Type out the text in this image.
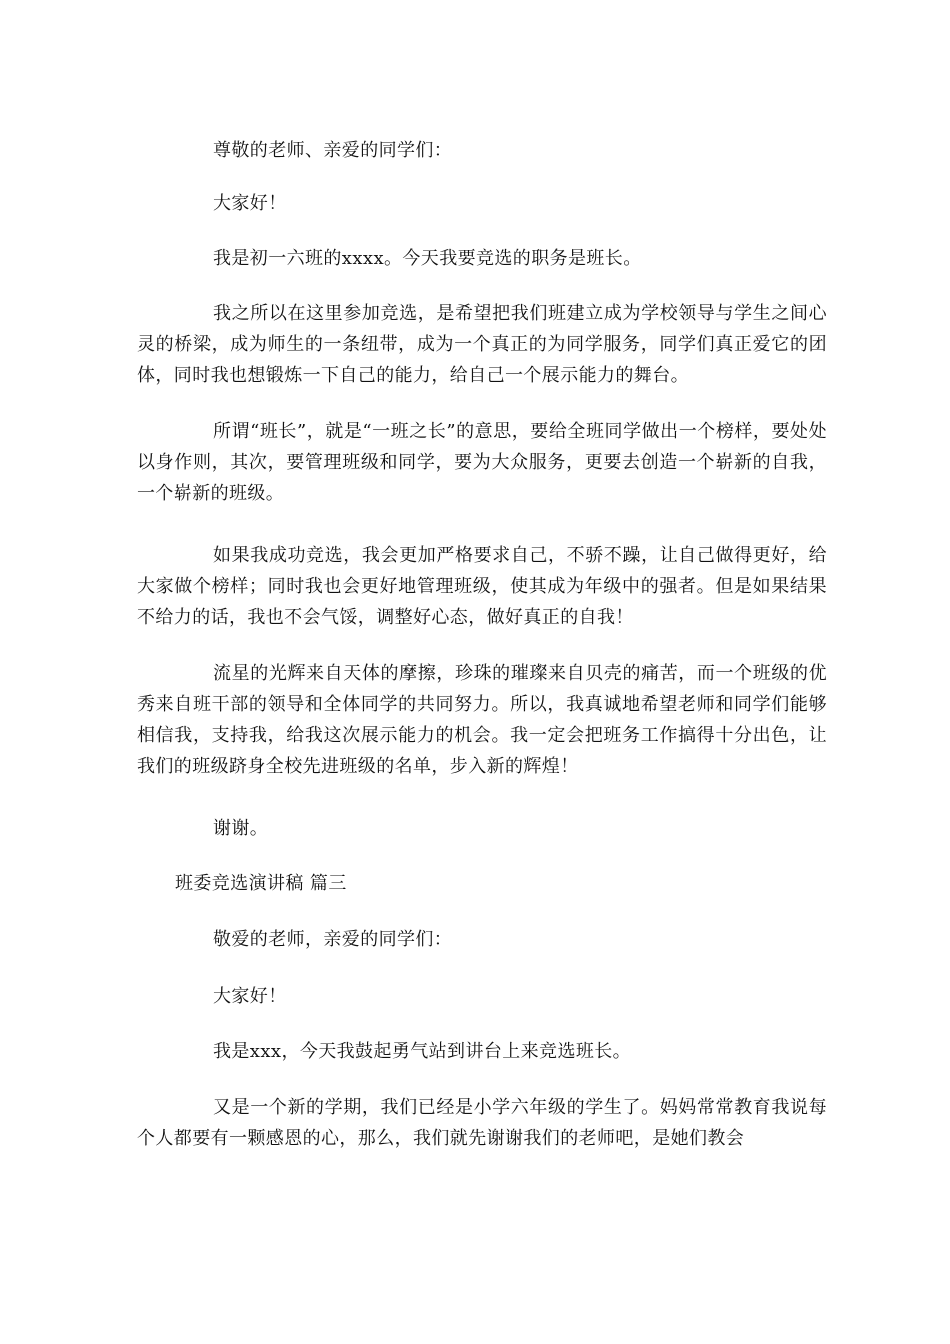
尊敬的老师、亲爱的同学们：

大家好！

我是初一六班的xxxx。今天我要竞选的职务是班长。

我之所以在这里参加竞选，是希望把我们班建立成为学校领导与学生之间心灵的桥梁，成为师生的一条纽带，成为一个真正的为同学服务，同学们真正爱它的团体，同时我也想锻炼一下自己的能力，给自己一个展示能力的舞台。

所谓“班长”，就是“一班之长”的意思，要给全班同学做出一个榜样，要处处以身作则，其次，要管理班级和同学，要为大众服务，更要去创造一个崭新的自我，一个崭新的班级。

如果我成功竞选，我会更加严格要求自己，不骄不躁，让自己做得更好，给大家做个榜样；同时我也会更好地管理班级，使其成为年级中的强者。但是如果结果不给力的话，我也不会气馁，调整好心态，做好真正的自我！

流星的光辉来自天体的摩擦，珍珠的璀璨来自贝壳的痛苦，而一个班级的优秀来自班干部的领导和全体同学的共同努力。所以，我真诚地希望老师和同学们能够相信我，支持我，给我这次展示能力的机会。我一定会把班务工作搞得十分出色，让我们的班级跻身全校先进班级的名单，步入新的辉煌！

谢谢。

班委竞选演讲稿 篇三

敬爱的老师，亲爱的同学们：

大家好！

我是xxx，今天我鼓起勇气站到讲台上来竞选班长。

又是一个新的学期，我们已经是小学六年级的学生了。妈妈常常教育我说每个人都要有一颗感恩的心，那么，我们就先谢谢我们的老师吧，是她们教会
